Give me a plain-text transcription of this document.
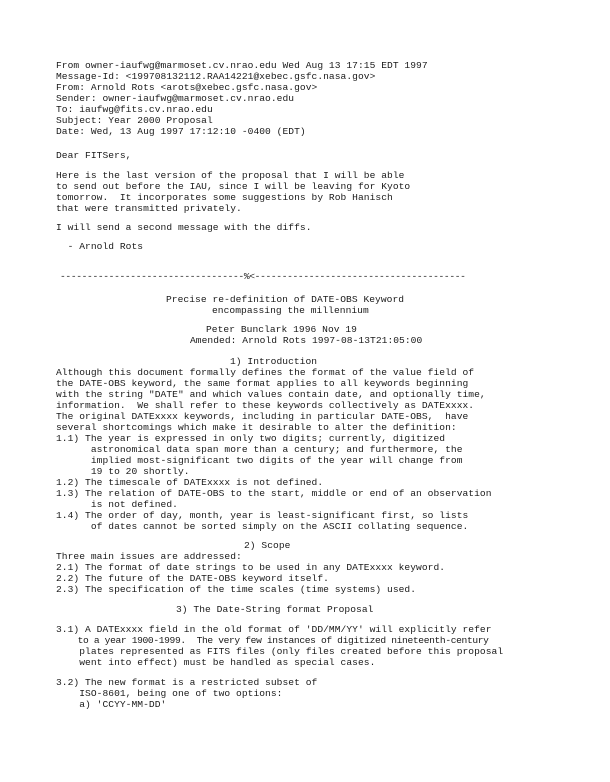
From owner-iaufwg@marmoset.cv.nrao.edu Wed Aug 13 17:15 EDT 1997

Message-Id: <199708132112.RAA14221@xebec.gsfc.nasa.gov>

From: Arnold Rots <arots@xebec.gsfc.nasa.gov>

Sender: owner-iaufwg@marmoset.cv.nrao.edu

To: iaufwg@fits.cv.nrao.edu

Subject: Year 2000 Proposal

Date: Wed, 13 Aug 1997 17:12:10 -0400 (EDT)

Dear FITSers,

Here is the last version of the proposal that I will be able

to send out before the IAU, since I will be leaving for Kyoto

tomorrow.  It incorporates some suggestions by Rob Hanisch

that were transmitted privately.

I will send a second message with the diffs.

- Arnold Rots

----------------------------------%<---------------------------------------

Precise re-definition of DATE-OBS Keyword

encompassing the millennium

Peter Bunclark 1996 Nov 19

Amended: Arnold Rots 1997-08-13T21:05:00

1) Introduction

Although this document formally defines the format of the value field of

the DATE-OBS keyword, the same format applies to all keywords beginning

with the string "DATE" and which values contain date, and optionally time,

information.  We shall refer to these keywords collectively as DATExxxx.

The original DATExxxx keywords, including in particular DATE-OBS,  have

several shortcomings which make it desirable to alter the definition:

1.1) The year is expressed in only two digits; currently, digitized

astronomical data span more than a century; and furthermore, the

implied most-significant two digits of the year will change from

19 to 20 shortly.

1.2) The timescale of DATExxxx is not defined.

1.3) The relation of DATE-OBS to the start, middle or end of an observation

is not defined.

1.4) The order of day, month, year is least-significant first, so lists

of dates cannot be sorted simply on the ASCII collating sequence.

2) Scope

Three main issues are addressed:

2.1) The format of date strings to be used in any DATExxxx keyword.

2.2) The future of the DATE-OBS keyword itself.

2.3) The specification of the time scales (time systems) used.

3) The Date-String format Proposal

3.1) A DATExxxx field in the old format of 'DD/MM/YY' will explicitly refer

to a year 1900-1999.  The very few instances of digitized nineteenth-century

plates represented as FITS files (only files created before this proposal

went into effect) must be handled as special cases.

3.2) The new format is a restricted subset of

ISO-8601, being one of two options:

a) 'CCYY-MM-DD'
